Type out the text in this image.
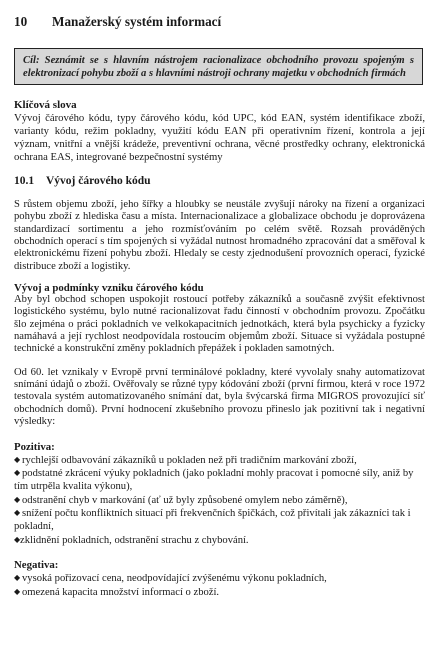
10	Manažerský systém informací
Cíl: Seznámit se s hlavním nástrojem racionalizace obchodního provozu spojeným s elektronizací pohybu zboží a s hlavními nástroji ochrany majetku v obchodních firmách
Klíčová slova
Vývoj čárového kódu, typy čárového kódu, kód UPC, kód EAN, systém identifikace zboží, varianty kódu, režim pokladny, využití kódu EAN při operativním řízení, kontrola a její význam, vnitřní a vnější krádeže, preventivní ochrana, věcné prostředky ochrany, elektronická ochrana EAS, integrované bezpečnostní systémy
10.1	Vývoj čárového kódu

S růstem objemu zboží, jeho šířky a hloubky se neustále zvyšují nároky na řízení a organizaci pohybu zboží z hlediska času a místa. Internacionalizace a globalizace obchodu je doprovázena standardizací sortimentu a jeho rozmísťováním po celém světě. Rozsah prováděných obchodních operací s tím spojených si vyžádal nutnost hromadného zpracování dat a směřoval k elektronickému řízení pohybu zboží. Hledaly se cesty zjednodušení provozních operací, fyzické distribuce zboží a logistiky.

Vývoj a podmínky vzniku čárového kódu

Aby byl obchod schopen uspokojit rostoucí potřeby zákazníků a současně zvýšit efektivnost logistického systému, bylo nutné racionalizovat řadu činností v obchodním provozu. Zpočátku šlo zejména o práci pokladních ve velkokapacitních jednotkách, která byla psychicky a fyzicky namáhavá a její rychlost neodpovídala rostoucím objemům zboží. Situace si vyžádala postupné technické a konstrukční změny pokladních přepážek i pokladen samotných.

Od 60. let vznikaly v Evropě první terminálové pokladny, které vyvolaly snahy automatizovat snímání údajů o zboží. Ověřovaly se různé typy kódování zboží (první firmou, která v roce 1972 testovala systém automatizovaného snímání dat, byla švýcarská firma MIGROS provozující síť obchodních domů). První hodnocení zkušebního provozu přineslo jak pozitivní tak i negativní výsledky:

Pozitiva:
◆ rychlejší odbavování zákazníků u pokladen než při tradičním markování zboží,
◆ podstatné zkrácení výuky pokladních (jako pokladní mohly pracovat i pomocné síly, aniž by tím utrpěla kvalita výkonu),
◆ odstranění chyb v markování (ať už byly způsobené omylem nebo záměrně),
◆ snížení počtu konfliktních situací při frekvenčních špičkách, což přivítali jak zákazníci tak i pokladní,
◆zklidnění pokladních, odstranění strachu z chybování.
Negativa:
◆ vysoká pořizovací cena, neodpovídající zvýšenému výkonu pokladních,
◆ omezená kapacita množství informací o zboží.
